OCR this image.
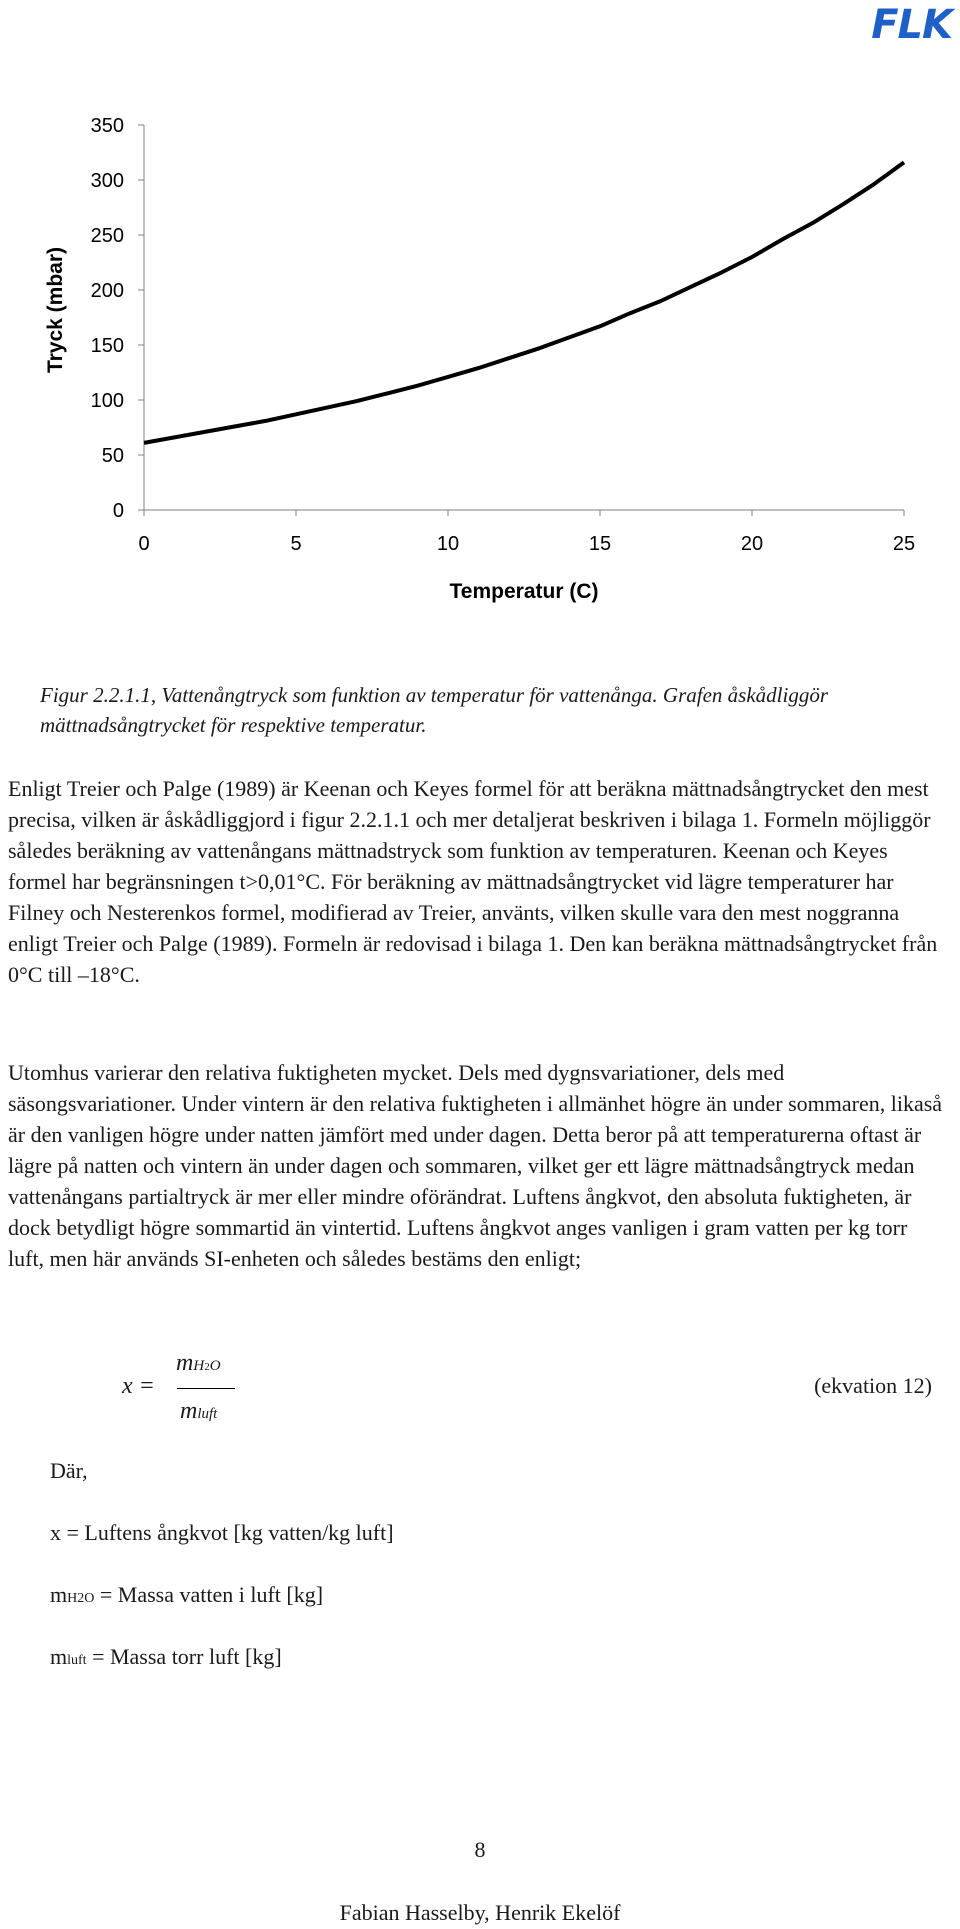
FLK
0
50
100
150
200
250
300
350
0	5	10	15	20	25
Tryck (mbar)
Temperatur (C)
Figur 2.2.1.1, Vattenångtryck som funktion av temperatur för vattenånga. Grafen åskådliggör mättnadsångtrycket för respektive temperatur.

Enligt Treier och Palge (1989) är Keenan och Keyes formel för att beräkna mättnadsångtrycket den mest precisa, vilken är åskådliggjord i figur 2.2.1.1 och mer detaljerat beskriven i bilaga 1. Formeln möjliggör således beräkning av vattenångans mättnadstryck som funktion av temperaturen. Keenan och Keyes formel har begränsningen t>0,01°C. För beräkning av mättnadsångtrycket vid lägre temperaturer har Filney och Nesterenkos formel, modifierad av Treier, använts, vilken skulle vara den mest noggranna enligt Treier och Palge (1989). Formeln är redovisad i bilaga 1. Den kan beräkna mättnadsångtrycket från 0°C till –18°C.

Utomhus varierar den relativa fuktigheten mycket. Dels med dygnsvariationer, dels med säsongsvariationer. Under vintern är den relativa fuktigheten i allmänhet högre än under sommaren, likaså är den vanligen högre under natten jämfört med under dagen. Detta beror på att temperaturerna oftast är lägre på natten och vintern än under dagen och sommaren, vilket ger ett lägre mättnadsångtryck medan vattenångans partialtryck är mer eller mindre oförändrat. Luftens ångkvot, den absoluta fuktigheten, är dock betydligt högre sommartid än vintertid. Luftens ångkvot anges vanligen i gram vatten per kg torr luft, men här används SI-enheten och således bestäms den enligt;

x =
mH2O
mluft
(ekvation 12)
Där,
x = Luftens ångkvot [kg vatten/kg luft]
mH2O = Massa vatten i luft [kg]
mluft = Massa torr luft [kg]
8
Fabian Hasselby, Henrik Ekelöf
